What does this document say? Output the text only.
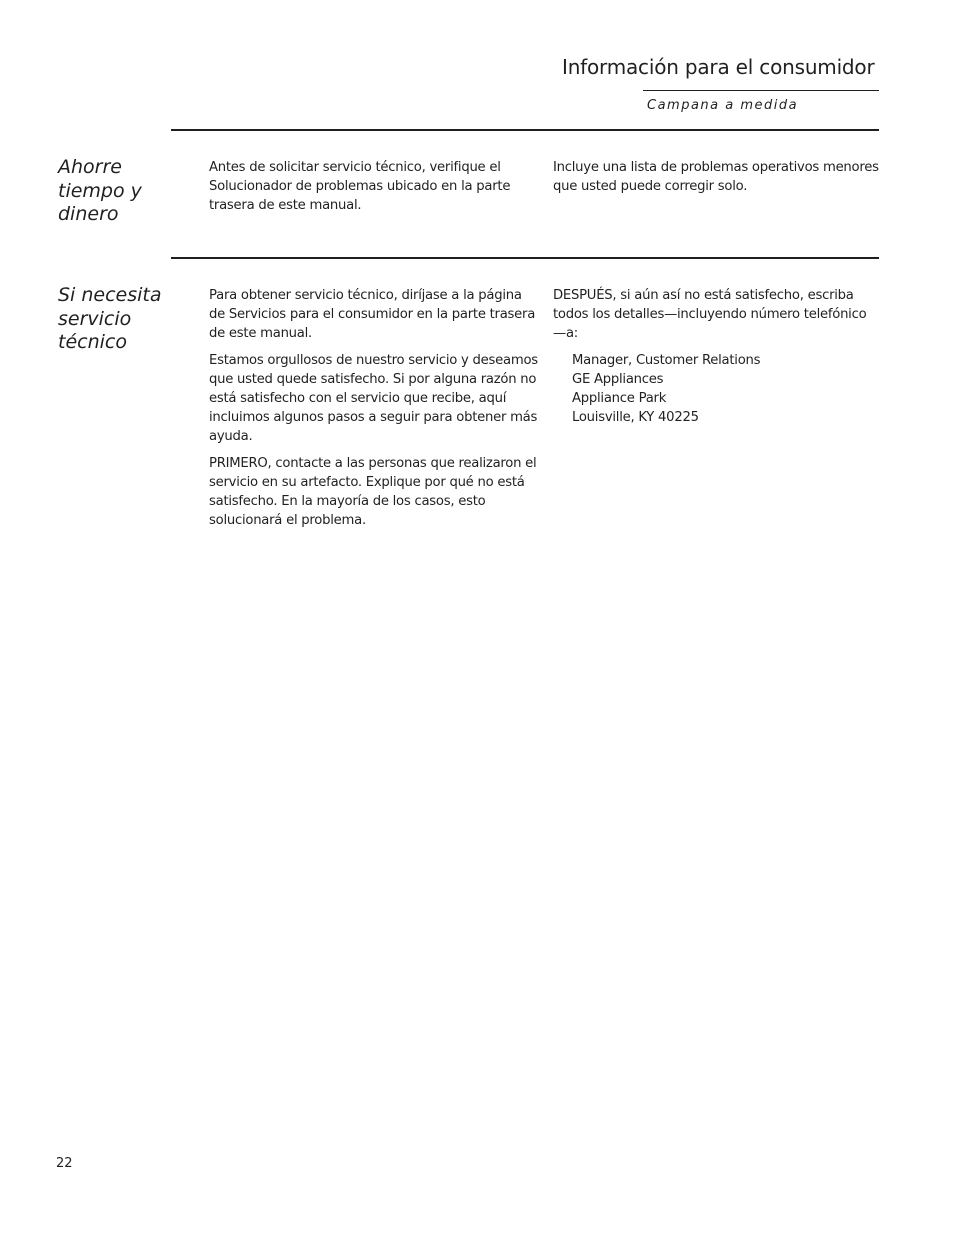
Información para el consumidor
Campana a medida
Ahorre tiempo y dinero

Antes de solicitar servicio técnico, verifique el Solucionador de problemas ubicado en la parte trasera de este manual.

Incluye una lista de problemas operativos menores que usted puede corregir solo.

Si necesita servicio técnico

Para obtener servicio técnico, diríjase a la página de Servicios para el consumidor en la parte trasera de este manual.

Estamos orgullosos de nuestro servicio y deseamos que usted quede satisfecho. Si por alguna razón no está satisfecho con el servicio que recibe, aquí incluimos algunos pasos a seguir para obtener más ayuda.

PRIMERO, contacte a las personas que realizaron el servicio en su artefacto. Explique por qué no está satisfecho. En la mayoría de los casos, esto solucionará el problema.

DESPUÉS, si aún así no está satisfecho, escriba todos los detalles—incluyendo número telefónico—a:

Manager, Customer Relations
GE Appliances
Appliance Park
Louisville, KY 40225
22
